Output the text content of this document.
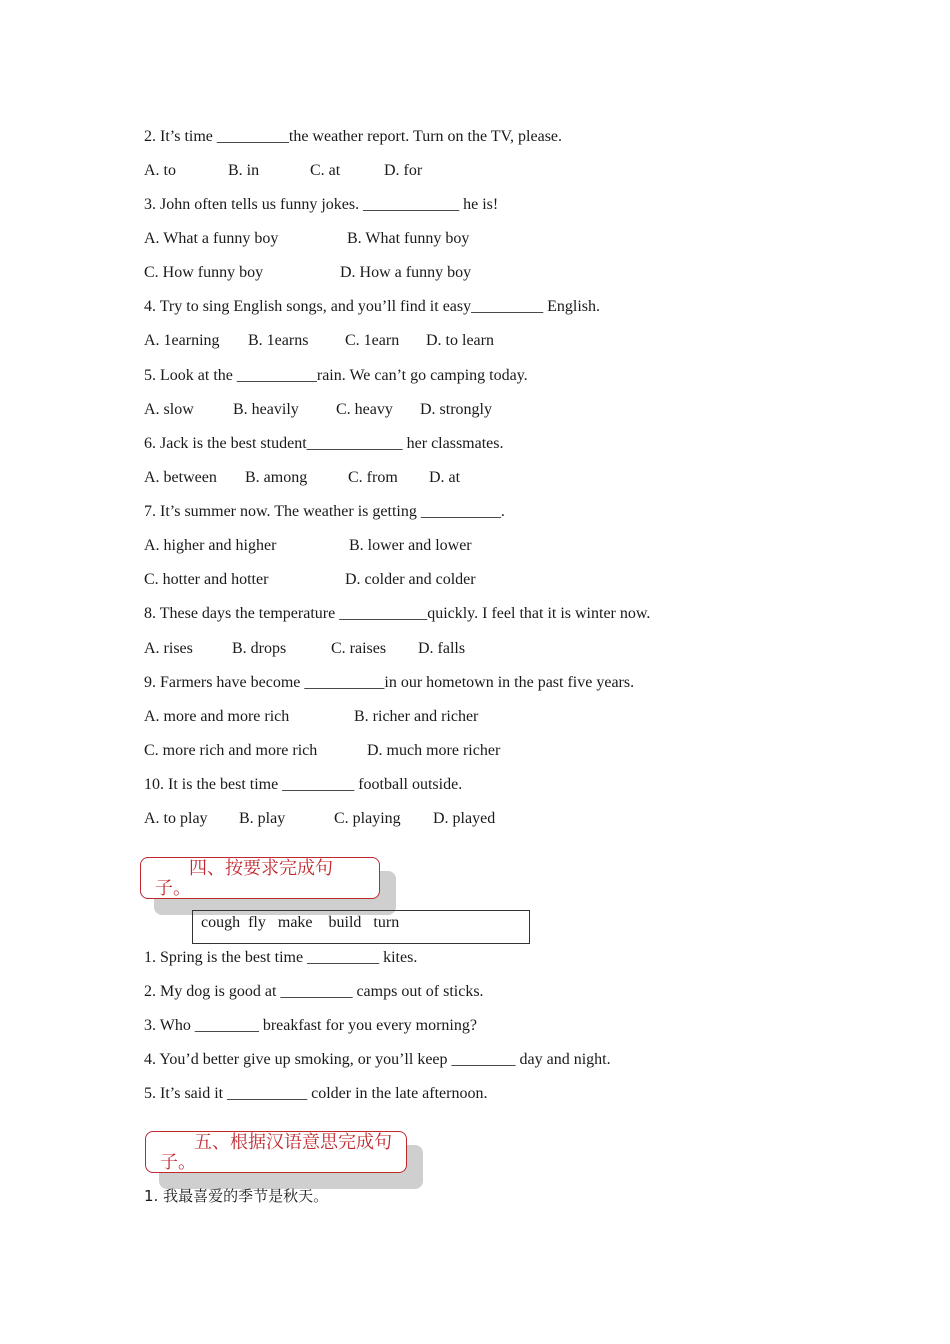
2. It’s time _________the weather report. Turn on the TV, please.

A. to

	B. in

	C. at

	D. for

3. John often tells us funny jokes. ____________ he is!

A. What a funny boy

	B. What funny boy

C. How funny boy

	D. How a funny boy

4. Try to sing English songs, and you’ll find it easy_________ English.

A. 1earning

B. 1earns

C. 1earn

D. to learn

5. Look at the __________rain. We can’t go camping today.

A. slow

B. heavily

C. heavy

D. strongly

6. Jack is the best student____________ her classmates.

A. between

B. among

	C. from

D. at

7. It’s summer now. The weather is getting __________.

A. higher and higher

	B. lower and lower

C. hotter and hotter

	D. colder and colder

8. These days the temperature ___________quickly. I feel that it is winter now.

A. rises

B. drops

	C. raises

D. falls

9. Farmers have become __________in our hometown in the past five years.

A. more and more rich

	B. richer and richer

C. more rich and more rich

	D. much more richer

10. It is the best time _________ football outside.

A. to play

B. play

	C. playing

D. played

四、按要求完成句子。
cough  fly   make    build   turn
1. Spring is the best time _________ kites.
2. My dog is good at _________ camps out of sticks.
3. Who ________ breakfast for you every morning?
4. You’d better give up smoking, or you’ll keep ________ day and night.
5. It’s said it __________ colder in the late afternoon.
五、根据汉语意思完成句子。
1. 我最喜爱的季节是秋天。
